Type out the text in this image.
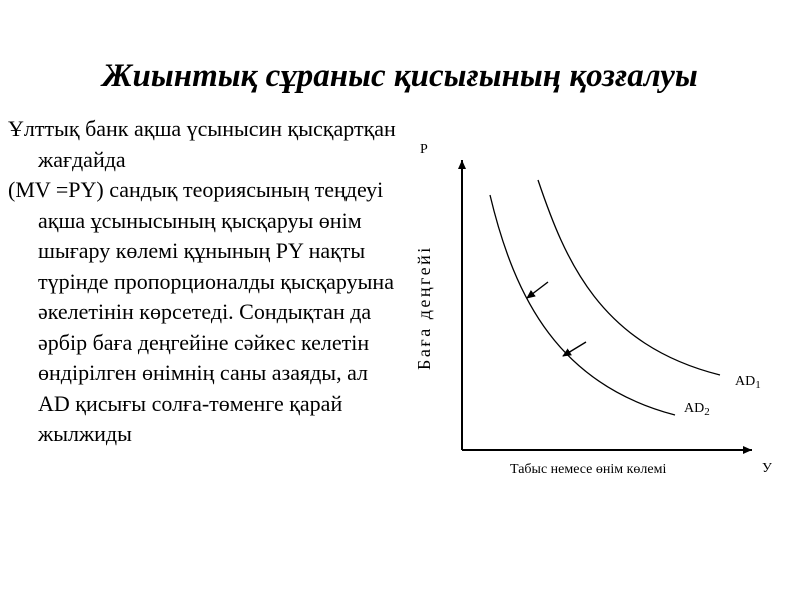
Жиынтық сұраныс қисығының қозғалуы

Ұлттық банк ақша үсынысин қысқартқан жағдайда

(MV =PY) сандық теориясының теңдеуі ақша ұсынысының қысқаруы өнім шығару көлемі құнының PY нақты түрінде пропорционалды қысқаруына әкелетінін көрсетеді. Сондықтан да әрбір баға деңгейіне сәйкес келетін өндірілген өнімнің саны азаяды, ал AD қисығы солға-төменге қарай жылжиды

P
У
Баға деңгейі
Табыс немесе өнім көлемі
$AD_1$
$AD_2$
